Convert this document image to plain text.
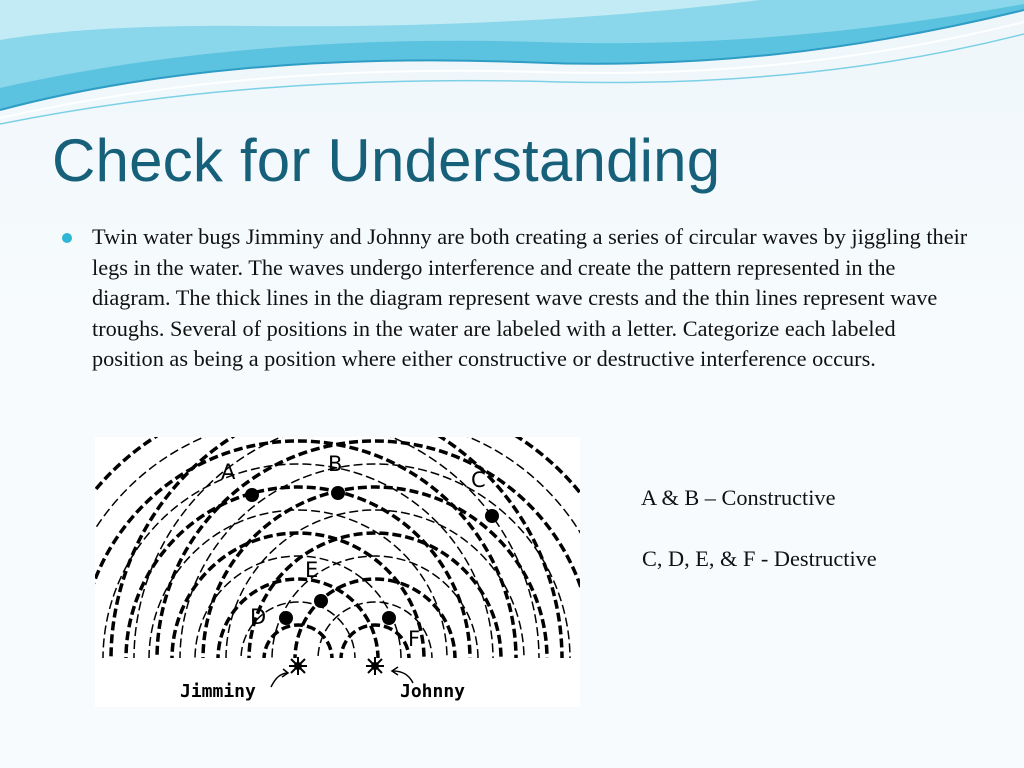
Check for Understanding

Twin water bugs Jimminy and Johnny are both creating a series of circular waves by jiggling their legs in the water. The waves undergo interference and create the pattern represented in the diagram. The thick lines in the diagram represent wave crests and the thin lines represent wave troughs. Several of positions in the water are labeled with a letter. Categorize each labeled position as being a position where either constructive or destructive interference occurs.

A	B
C
D
E
F
Jimminy	Johnny

A & B – Constructive

C, D, E, & F - Destructive
